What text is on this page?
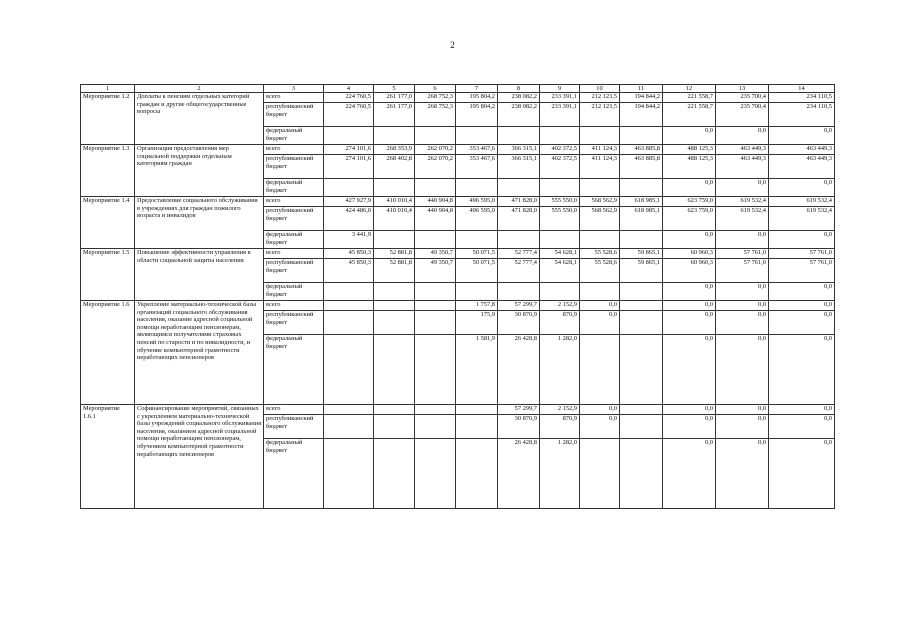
2
1	2	3	4	5	6	7	8	9	10	11	12	13	14
Мероприятие 1.2	Доплаты к пенсиям отдельных категорий граждан и другие общегосударственные вопросы	всего	224 760,5	261 177,0	268 752,3	195 804,2	238 082,2	233 391,1	212 123,5	194 844,2	221 558,7	235 700,4	234 110,5
		республиканский бюджет	224 760,5	261 177,0	268 752,3	195 804,2	238 082,2	233 391,1	212 123,5	194 844,2	221 558,7	235 700,4	234 110,5
		федеральный бюджет									0,0	0,0	0,0
Мероприятие 1.3	Организация предоставления мер социальной поддержки отдельным категориям граждан	всего	274 101,6	268 353,9	262 070,2	353 467,6	366 315,1	402 372,5	411 124,3	463 885,8	488 125,3	463 449,3	463 449,3
		республиканский бюджет	274 101,6	268 402,8	262 070,2	353 467,6	366 315,1	402 372,5	411 124,3	463 885,8	488 125,3	463 449,3	463 449,3
		федеральный бюджет									0,0	0,0	0,0
Мероприятие 1.4	Предоставление социального обслуживания в учреждениях для граждан пожилого возраста и инвалидов	всего	427 927,9	410 010,4	440 904,8	496 595,0	471 828,0	555 550,0	568 562,9	618 985,1	623 759,0	619 532,4	619 532,4
		республиканский бюджет	424 486,0	410 010,4	440 904,8	496 595,0	471 828,0	555 550,0	568 562,9	618 985,1	623 759,0	619 532,4	619 532,4
		федеральный бюджет	3 441,9								0,0	0,0	0,0
Мероприятие 1.5	Повышение эффективности управления в области социальной защиты населения	всего	45 850,3	52 881,8	49 350,7	50 071,5	52 777,4	54 628,1	55 528,6	59 865,1	60 960,3	57 761,0	57 761,0
		республиканский бюджет	45 850,3	52 881,8	49 350,7	50 071,5	52 777,4	54 628,1	55 528,6	59 865,1	60 960,3	57 761,0	57 761,0
		федеральный бюджет									0,0	0,0	0,0
Мероприятие 1.6	Укрепление материально-технической базы организаций социального обслуживания населения, оказание адресной социальной помощи неработающим пенсионерам, являющимся получателями страховых пенсий по старости и по инвалидности, и обучение компьютерной грамотности неработающих пенсионеров	всего				1 757,8	57 299,7	2 152,9	0,0		0,0	0,0	0,0
		республиканский бюджет				175,9	30 870,9	870,9	0,0		0,0	0,0	0,0
		федеральный бюджет				1 581,9	26 428,8	1 282,0			0,0	0,0	0,0
Мероприятие 1.6.1	Софинансирование мероприятий, связанных с укреплением материально-технической базы учреждений социального обслуживания населения, оказанием адресной социальной помощи неработающим пенсионерам, обучением компьютерной грамотности неработающих пенсионеров	всего					57 299,7	2 152,9	0,0		0,0	0,0	0,0
		республиканский бюджет					30 870,9	870,9	0,0		0,0	0,0	0,0
		федеральный бюджет					26 428,8	1 282,0			0,0	0,0	0,0
